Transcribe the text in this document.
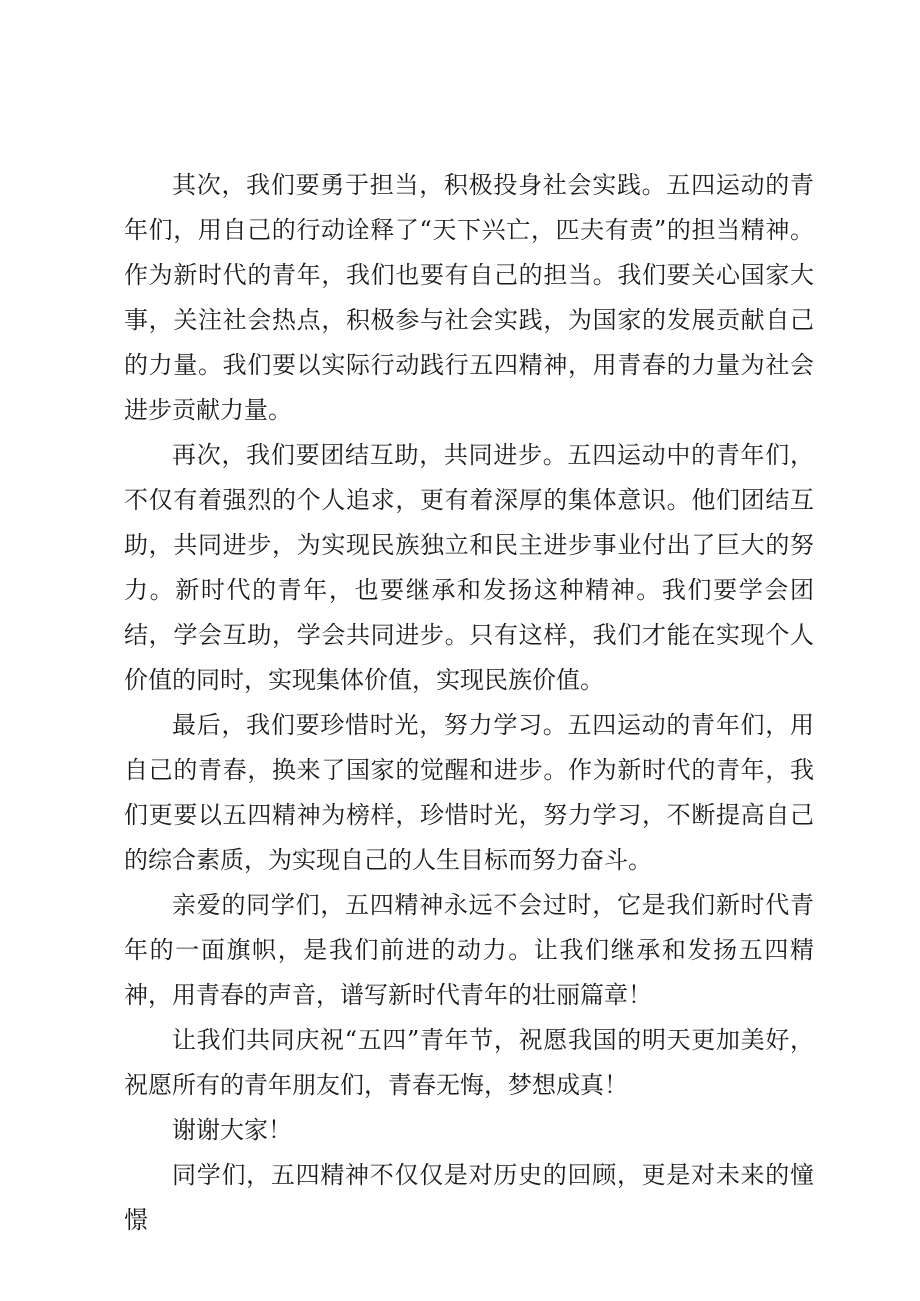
其次，我们要勇于担当，积极投身社会实践。五四运动的青年们，用自己的行动诠释了“天下兴亡，匹夫有责”的担当精神。作为新时代的青年，我们也要有自己的担当。我们要关心国家大事，关注社会热点，积极参与社会实践，为国家的发展贡献自己的力量。我们要以实际行动践行五四精神，用青春的力量为社会进步贡献力量。

再次，我们要团结互助，共同进步。五四运动中的青年们，不仅有着强烈的个人追求，更有着深厚的集体意识。他们团结互助，共同进步，为实现民族独立和民主进步事业付出了巨大的努力。新时代的青年，也要继承和发扬这种精神。我们要学会团结，学会互助，学会共同进步。只有这样，我们才能在实现个人价值的同时，实现集体价值，实现民族价值。

最后，我们要珍惜时光，努力学习。五四运动的青年们，用自己的青春，换来了国家的觉醒和进步。作为新时代的青年，我们更要以五四精神为榜样，珍惜时光，努力学习，不断提高自己的综合素质，为实现自己的人生目标而努力奋斗。

亲爱的同学们，五四精神永远不会过时，它是我们新时代青年的一面旗帜，是我们前进的动力。让我们继承和发扬五四精神，用青春的声音，谱写新时代青年的壮丽篇章！

让我们共同庆祝“五四”青年节，祝愿我国的明天更加美好，祝愿所有的青年朋友们，青春无悔，梦想成真！

谢谢大家！

同学们，五四精神不仅仅是对历史的回顾，更是对未来的憧憬
